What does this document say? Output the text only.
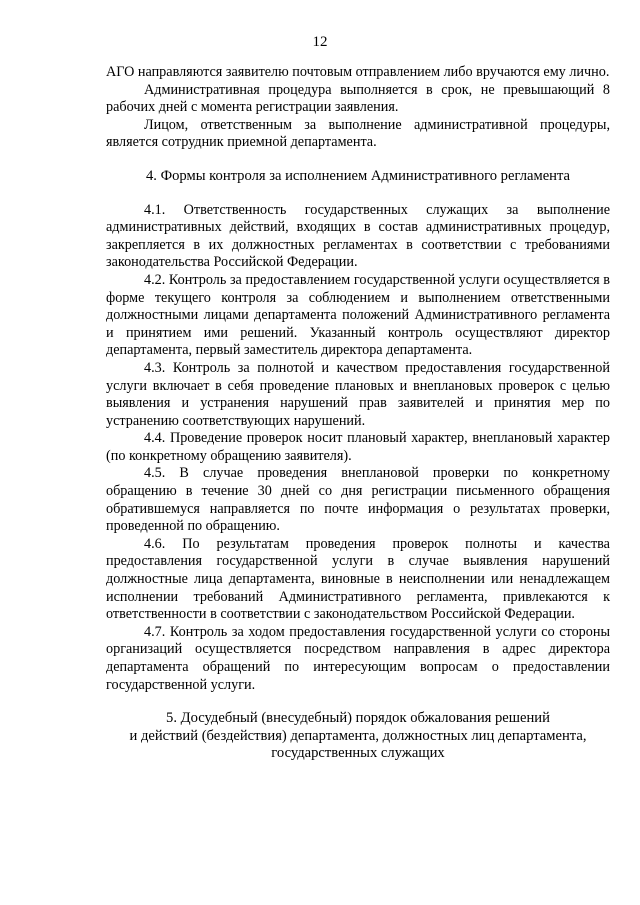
12

АГО направляются заявителю почтовым отправлением либо вручаются ему лично.

Административная процедура выполняется в срок, не превышающий 8 рабочих дней с момента регистрации заявления.

Лицом, ответственным за выполнение административной процедуры, является сотрудник приемной департамента.

4. Формы контроля за исполнением Административного регламента

4.1. Ответственность государственных служащих за выполнение административных действий, входящих в состав административных процедур, закрепляется в их должностных регламентах в соответствии с требованиями законодательства Российской Федерации.

4.2. Контроль за предоставлением государственной услуги осуществляется в форме текущего контроля за соблюдением и выполнением ответственными должностными лицами департамента положений Административного регламента и принятием ими решений. Указанный контроль осуществляют директор департамента, первый заместитель директора департамента.

4.3. Контроль за полнотой и качеством предоставления государственной услуги включает в себя проведение плановых и внеплановых проверок с целью выявления и устранения нарушений прав заявителей и принятия мер по устранению соответствующих нарушений.

4.4. Проведение проверок носит плановый характер, внеплановый характер (по конкретному обращению заявителя).

4.5. В случае проведения внеплановой проверки по конкретному обращению в течение 30 дней со дня регистрации письменного обращения обратившемуся направляется по почте информация о результатах проверки, проведенной по обращению.

4.6. По результатам проведения проверок полноты и качества предоставления государственной услуги в случае выявления нарушений должностные лица департамента, виновные в неисполнении или ненадлежащем исполнении требований Административного регламента, привлекаются к ответственности в соответствии с законодательством Российской Федерации.

4.7. Контроль за ходом предоставления государственной услуги со стороны организаций осуществляется посредством направления в адрес директора департамента обращений по интересующим вопросам о предоставлении государственной услуги.

5. Досудебный (внесудебный) порядок обжалования решений
и действий (бездействия) департамента, должностных лиц департамента,
государственных служащих
